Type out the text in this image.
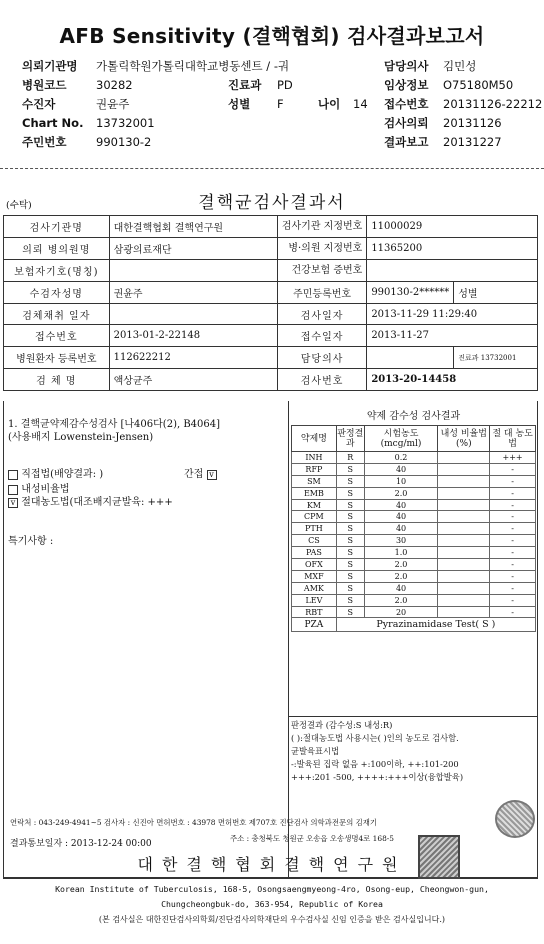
AFB Sensitivity (결핵협회) 검사결과보고서
의뢰기관명 가톨릭학원가톨릭대학교병동센트 / -궈	담당의사 김민성
병원코드	30282	진료과 PD	임상정보 O75180M50
수진자	권윤주	성별 F	나이 14 접수번호 20131126-22212
Chart No. 13732001	검사의뢰 20131126
주민번호	990130-2	결과보고 20131227
결핵균검사결과서
(수탁)
검사기관명	대한결핵협회 결핵연구원	검사기관 지정번호	11000029	
의뢰 병의원명	삼광의료재단	병·의원 지정번호	11365200	
보험자기호(명칭)		건강보험 증번호		
수검자성명	권윤주	주민등록번호	990130-2******	성별
검체채취 일자		검사일자	2013-11-29 11:29:40	
접수번호	2013-01-2-22148	접수일자	2013-11-27	
병원환자 등록번호	112622212	담당의사		진료과 13732001
검 체 명	액상균주	검사번호	2013-20-14458	
1. 결핵균약제감수성검사 [나406다(2), B4064]
(사용배지 Lowenstein-Jensen)
직접법(배양결과: )	간접 v
내성비율법
v 절대농도법(대조배지균발육: +++
특기사항 :
약제 감수성 검사결과
약제명	판정결과	시험농도 (mcg/ml)	내성 비율법(%)	절 대 농도법
INH	R	0.2		+++
RFP	S	40		-
SM	S	10		-
EMB	S	2.0		-
KM	S	40		-
CPM	S	40		-
PTH	S	40		-
CS	S	30		-
PAS	S	1.0		-
OFX	S	2.0		-
MXF	S	2.0		-
AMK	S	40		-
LEV	S	2.0		-
RBT	S	20		-
PZA	Pyrazinamidase Test( S )			
판정결과 (감수성:S 내성:R)
( ):절대농도법 사용시는( )인의 농도로 검사함.
균발육표시법
-:발육된 집락 없음 +:100이하, ++:101-200
+++:201 -500, ++++:+++이상(융합발육)
연락처 : 043-249-4941~5 검사자 : 신진아 면허번호 : 43978 면허번호 제707호 진단검사 의학과전문의 김재기
결과통보일자 : 2013-12-24 00:00
주소 : 충청북도 청원군 오송읍 오송생명4로 168-5
대한결핵협회결핵연구원
Korean Institute of Tuberculosis, 168-5, Osongsaengmyeong-4ro, Osong-eup, Cheongwon-gun,
Chungcheongbuk-do, 363-954, Republic of Korea
(본 검사실은 대한진단검사의학회/진단검사의학재단의 우수검사실 신임 인증을 받은 검사실입니다.)
